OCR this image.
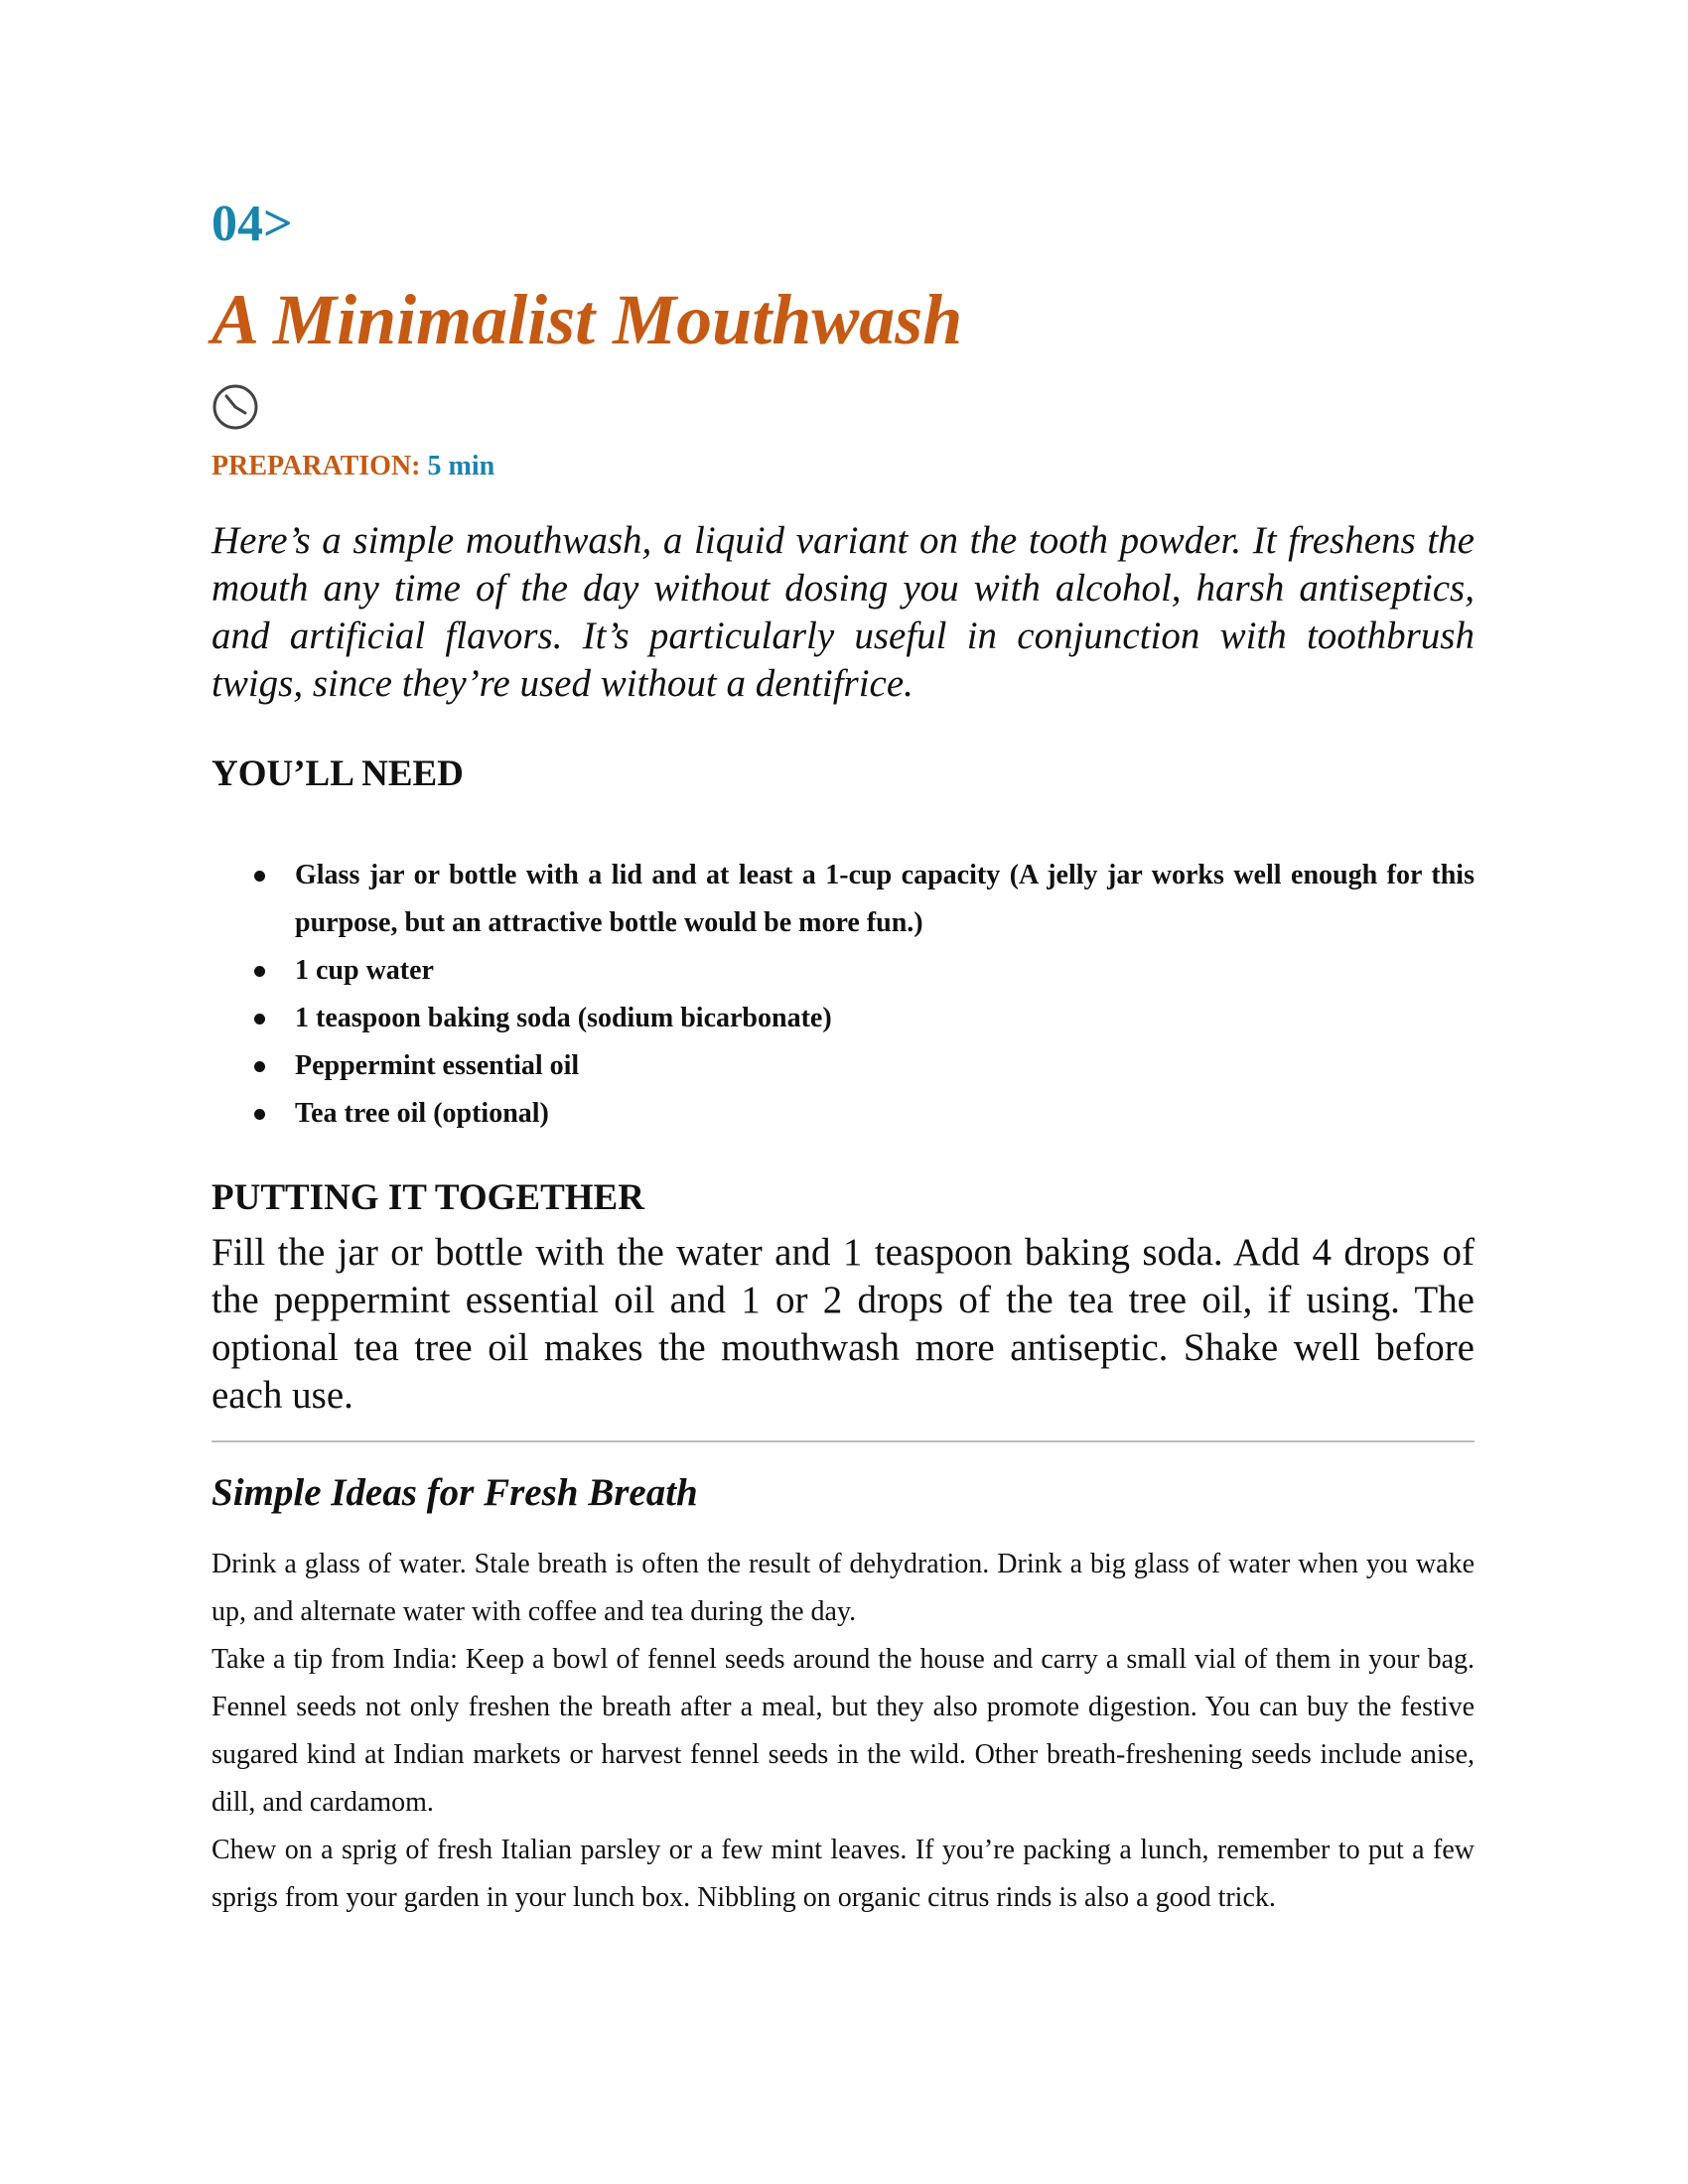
04>
A Minimalist Mouthwash
PREPARATION: 5 min

Here’s a simple mouthwash, a liquid variant on the tooth powder. It freshens the mouth any time of the day without dosing you with alcohol, harsh antiseptics, and artificial flavors. It’s particularly useful in conjunction with toothbrush twigs, since they’re used without a dentifrice.

YOU’LL NEED
Glass jar or bottle with a lid and at least a 1-cup capacity (A jelly jar works well enough for this purpose, but an attractive bottle would be more fun.)
1 cup water
1 teaspoon baking soda (sodium bicarbonate)
Peppermint essential oil
Tea tree oil (optional)
PUTTING IT TOGETHER

Fill the jar or bottle with the water and 1 teaspoon baking soda. Add 4 drops of the peppermint essential oil and 1 or 2 drops of the tea tree oil, if using. The optional tea tree oil makes the mouthwash more antiseptic. Shake well before each use.

Simple Ideas for Fresh Breath

Drink a glass of water. Stale breath is often the result of dehydration. Drink a big glass of water when you wake up, and alternate water with coffee and tea during the day.

Take a tip from India: Keep a bowl of fennel seeds around the house and carry a small vial of them in your bag. Fennel seeds not only freshen the breath after a meal, but they also promote digestion. You can buy the festive sugared kind at Indian markets or harvest fennel seeds in the wild. Other breath-freshening seeds include anise, dill, and cardamom.

Chew on a sprig of fresh Italian parsley or a few mint leaves. If you’re packing a lunch, remember to put a few sprigs from your garden in your lunch box. Nibbling on organic citrus rinds is also a good trick.
